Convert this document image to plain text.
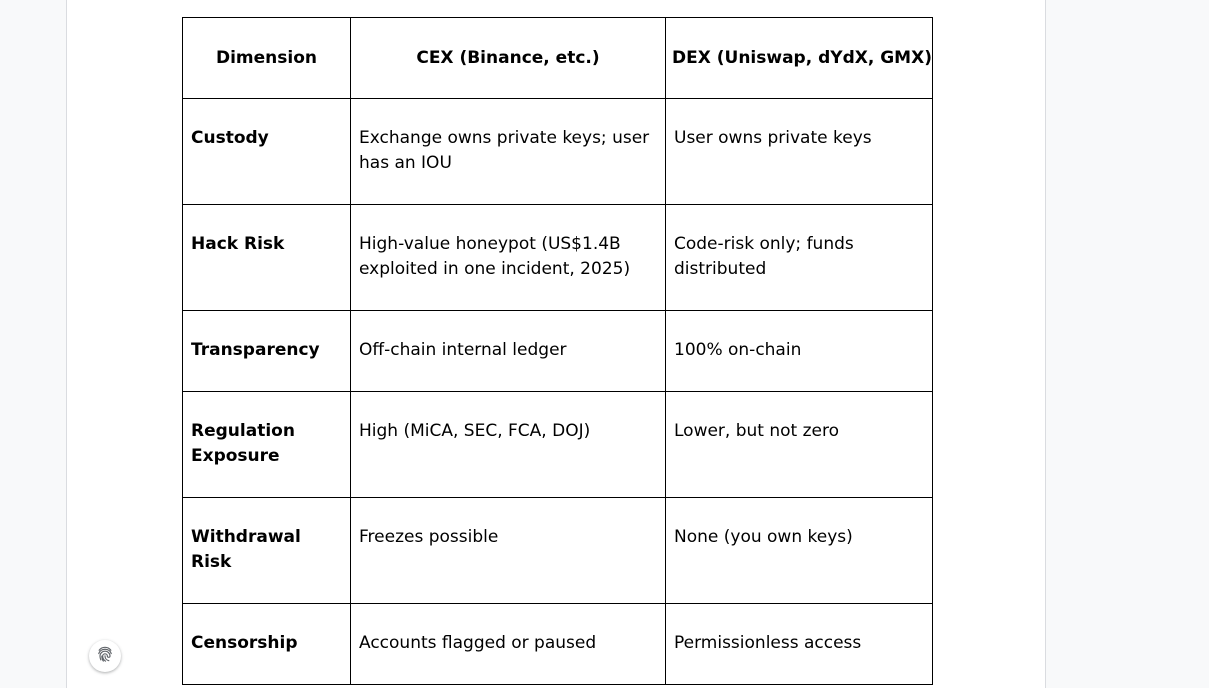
Dimension	CEX (Binance, etc.)	DEX (Uniswap, dYdX, GMX)
Custody	Exchange owns private keys; user has an IOU	User owns private keys
Hack Risk	High-value honeypot (US$1.4B exploited in one incident, 2025)	Code-risk only; funds distributed
Transparency	Off-chain internal ledger	100% on-chain
Regulation Exposure	High (MiCA, SEC, FCA, DOJ)	Lower, but not zero
Withdrawal Risk	Freezes possible	None (you own keys)
Censorship	Accounts flagged or paused	Permissionless access
